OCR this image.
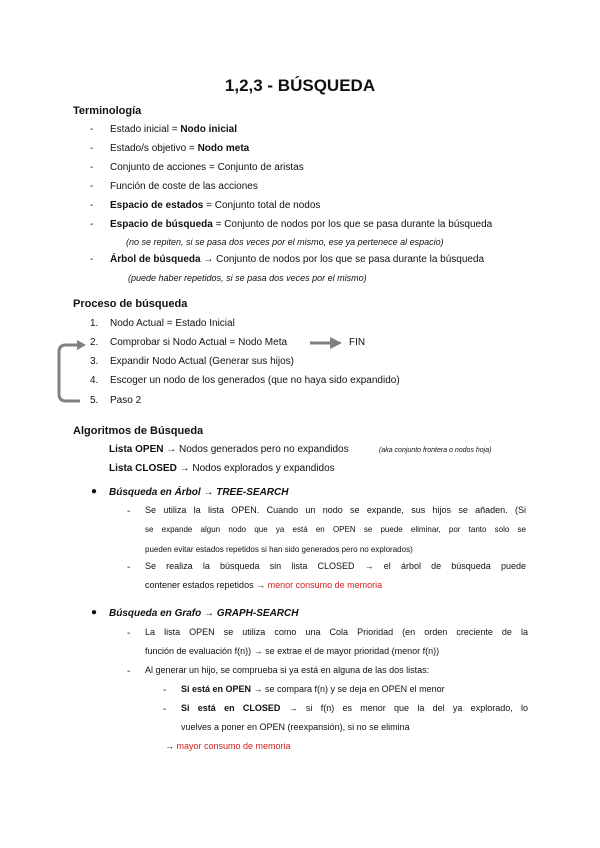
1,2,3 - BÚSQUEDA
Terminología
- Estado inicial = Nodo inicial
- Estado/s objetivo = Nodo meta
- Conjunto de acciones = Conjunto de aristas
- Función de coste de las acciones
- Espacio de estados = Conjunto total de nodos
- Espacio de búsqueda = Conjunto de nodos por los que se pasa durante la búsqueda
(no se repiten, si se pasa dos veces por el mismo, ese ya pertenece al espacio)
- Árbol de búsqueda → Conjunto de nodos por los que se pasa durante la búsqueda
(puede haber repetidos, si se pasa dos veces por el mismo)
Proceso de búsqueda
1. Nodo Actual = Estado Inicial
2. Comprobar si Nodo Actual = Nodo Meta	FIN
3. Expandir Nodo Actual (Generar sus hijos)
4. Escoger un nodo de los generados (que no haya sido expandido)
5. Paso 2
Algoritmos de Búsqueda
Lista OPEN → Nodos generados pero no expandidos	(aka conjunto frontera o nodos hoja)
Lista CLOSED → Nodos explorados y expandidos
● Búsqueda en Árbol → TREE-SEARCH
- Se utiliza la lista OPEN. Cuando un nodo se expande, sus hijos se añaden. (Si
se expande algun nodo que ya está en OPEN se puede eliminar, por tanto solo se
pueden evitar estados repetidos si han sido generados pero no explorados)
- Se realiza la búsqueda sin lista CLOSED → el árbol de búsqueda puede
contener estados repetidos → menor consumo de memoria
● Búsqueda en Grafo → GRAPH-SEARCH
- La lista OPEN se utiliza como una Cola Prioridad (en orden creciente de la
función de evaluación f(n)) → se extrae el de mayor prioridad (menor f(n))
- Al generar un hijo, se comprueba si ya está en alguna de las dos listas:
- Si está en OPEN → se compara f(n) y se deja en OPEN el menor
- Si está en CLOSED → si f(n) es menor que la del ya explorado, lo
vuelves a poner en OPEN (reexpansión), si no se elimina
→ mayor consumo de memoria
